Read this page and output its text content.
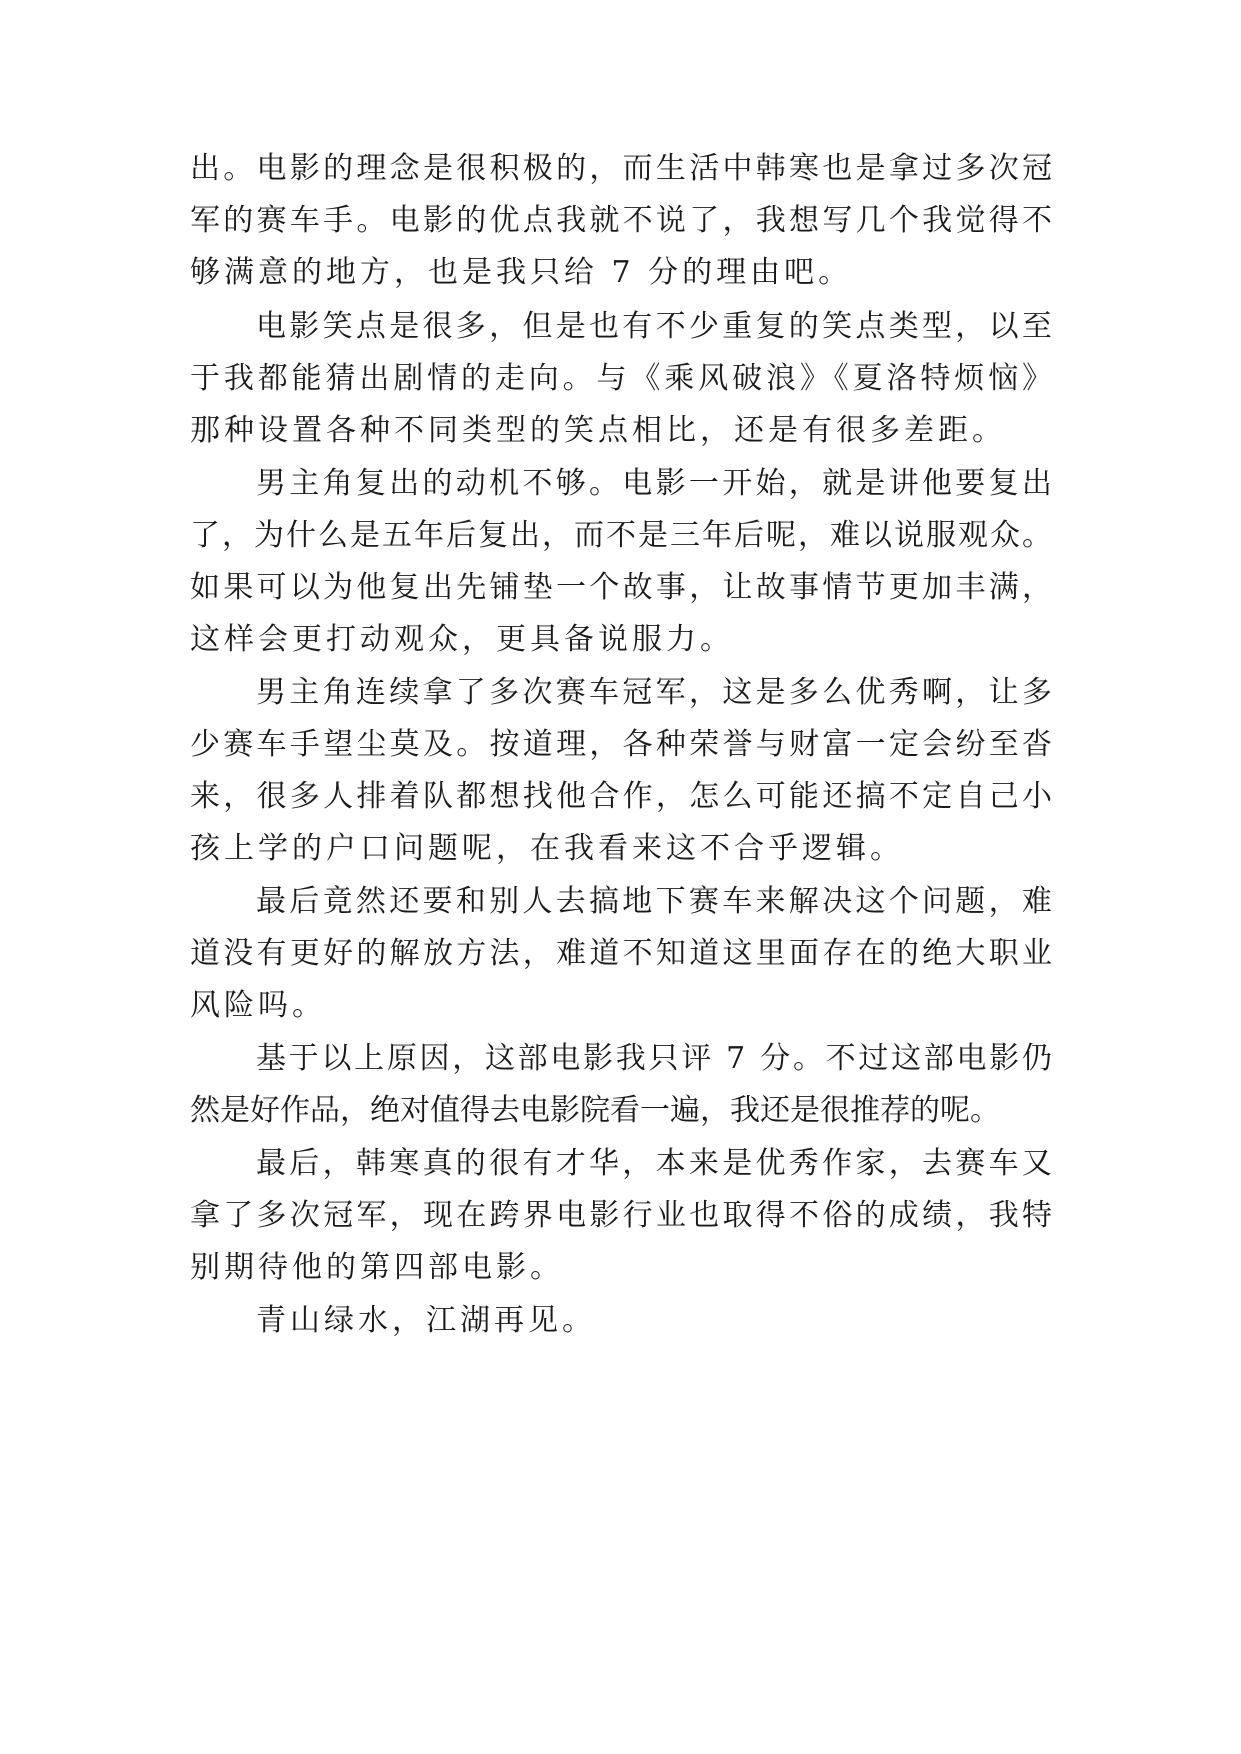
出。电影的理念是很积极的，而生活中韩寒也是拿过多次冠
军的赛车手。电影的优点我就不说了，我想写几个我觉得不
够满意的地方，也是我只给 7 分的理由吧。
电影笑点是很多，但是也有不少重复的笑点类型，以至
于我都能猜出剧情的走向。与《乘风破浪》《夏洛特烦恼》
那种设置各种不同类型的笑点相比，还是有很多差距。
男主角复出的动机不够。电影一开始，就是讲他要复出
了，为什么是五年后复出，而不是三年后呢，难以说服观众。
如果可以为他复出先铺垫一个故事，让故事情节更加丰满，
这样会更打动观众，更具备说服力。
男主角连续拿了多次赛车冠军，这是多么优秀啊，让多
少赛车手望尘莫及。按道理，各种荣誉与财富一定会纷至沓
来，很多人排着队都想找他合作，怎么可能还搞不定自己小
孩上学的户口问题呢，在我看来这不合乎逻辑。
最后竟然还要和别人去搞地下赛车来解决这个问题，难
道没有更好的解放方法，难道不知道这里面存在的绝大职业
风险吗。
基于以上原因，这部电影我只评 7 分。不过这部电影仍
然是好作品，绝对值得去电影院看一遍，我还是很推荐的呢。
最后，韩寒真的很有才华，本来是优秀作家，去赛车又
拿了多次冠军，现在跨界电影行业也取得不俗的成绩，我特
别期待他的第四部电影。
青山绿水，江湖再见。
